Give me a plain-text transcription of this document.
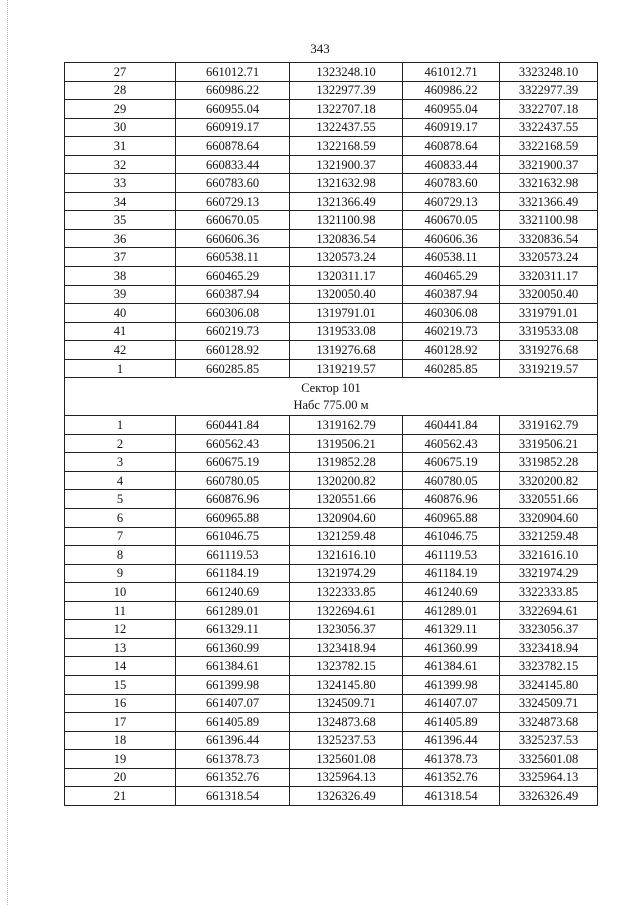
343
27	661012.71	1323248.10	461012.71	3323248.10
28	660986.22	1322977.39	460986.22	3322977.39
29	660955.04	1322707.18	460955.04	3322707.18
30	660919.17	1322437.55	460919.17	3322437.55
31	660878.64	1322168.59	460878.64	3322168.59
32	660833.44	1321900.37	460833.44	3321900.37
33	660783.60	1321632.98	460783.60	3321632.98
34	660729.13	1321366.49	460729.13	3321366.49
35	660670.05	1321100.98	460670.05	3321100.98
36	660606.36	1320836.54	460606.36	3320836.54
37	660538.11	1320573.24	460538.11	3320573.24
38	660465.29	1320311.17	460465.29	3320311.17
39	660387.94	1320050.40	460387.94	3320050.40
40	660306.08	1319791.01	460306.08	3319791.01
41	660219.73	1319533.08	460219.73	3319533.08
42	660128.92	1319276.68	460128.92	3319276.68
1	660285.85	1319219.57	460285.85	3319219.57

Сектор 101
Набс 775.00 м				

1	660441.84	1319162.79	460441.84	3319162.79
2	660562.43	1319506.21	460562.43	3319506.21
3	660675.19	1319852.28	460675.19	3319852.28
4	660780.05	1320200.82	460780.05	3320200.82
5	660876.96	1320551.66	460876.96	3320551.66
6	660965.88	1320904.60	460965.88	3320904.60
7	661046.75	1321259.48	461046.75	3321259.48
8	661119.53	1321616.10	461119.53	3321616.10
9	661184.19	1321974.29	461184.19	3321974.29
10	661240.69	1322333.85	461240.69	3322333.85
11	661289.01	1322694.61	461289.01	3322694.61
12	661329.11	1323056.37	461329.11	3323056.37
13	661360.99	1323418.94	461360.99	3323418.94
14	661384.61	1323782.15	461384.61	3323782.15
15	661399.98	1324145.80	461399.98	3324145.80
16	661407.07	1324509.71	461407.07	3324509.71
17	661405.89	1324873.68	461405.89	3324873.68
18	661396.44	1325237.53	461396.44	3325237.53
19	661378.73	1325601.08	461378.73	3325601.08
20	661352.76	1325964.13	461352.76	3325964.13
21	661318.54	1326326.49	461318.54	3326326.49
